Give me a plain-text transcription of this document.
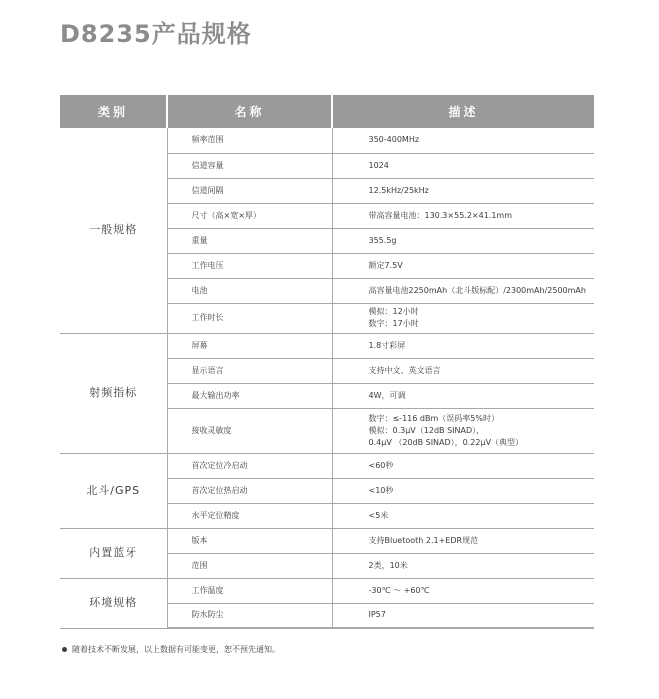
D8235产品规格
类别	名称	描述
一般规格	频率范围	350-400MHz

	信道容量	1024

	信道间隔	12.5kHz/25kHz

	尺寸（高×宽×厚）	带高容量电池：130.3×55.2×41.1mm

	重量	355.5g

	工作电压	额定7.5V

	电池	高容量电池2250mAh（北斗版标配）/2300mAh/2500mAh

	工作时长	模拟：12小时
数字：17小时

射频指标	屏幕	1.8寸彩屏

	显示语言	支持中文、英文语言

	最大输出功率	4W，可调

	接收灵敏度	数字：≤-116 dBm（误码率5%时）
模拟：0.3μV（12dB SINAD），
0.4μV （20dB SINAD），0.22μV（典型）

北斗/GPS	首次定位冷启动	<60秒

	首次定位热启动	<10秒

	水平定位精度	<5米

内置蓝牙	版本	支持Bluetooth 2.1+EDR规范

	范围	2类，10米

环境规格	工作温度	-30℃ ～ +60℃

	防水防尘	IP57

随着技术不断发展，以上数据有可能变更，恕不预先通知。
